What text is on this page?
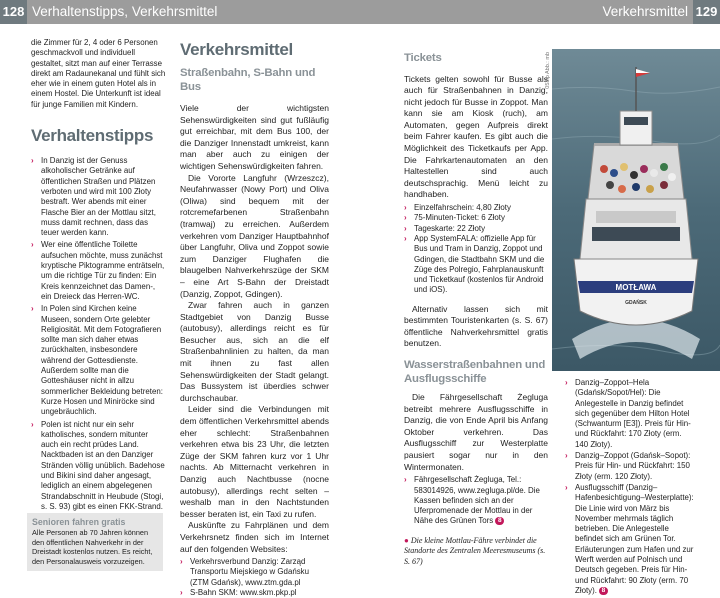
128 Verhaltenstipps, Verkehrsmittel	Verkehrsmittel 129

die Zimmer für 2, 4 oder 6 Personen geschmackvoll und individuell gestaltet, sitzt man auf einer Terrasse direkt am Radaunekanal und fühlt sich eher wie in einem guten Hotel als in einem Hostel. Die Unterkunft ist ideal für junge Familien mit Kindern.

Verhaltenstipps
› In Danzig ist der Genuss alkoholischer Getränke auf öffentlichen Straßen und Plätzen verboten und wird mit 100 Złoty bestraft. Wer abends mit einer Flasche Bier an der Mottlau sitzt, muss damit rechnen, dass das teuer werden kann.
› Wer eine öffentliche Toilette aufsuchen möchte, muss zunächst kryptische Piktogramme enträtseln, um die richtige Tür zu finden: Ein Kreis kennzeichnet das Damen-, ein Dreieck das Herren-WC.
› In Polen sind Kirchen keine Museen, sondern Orte gelebter Religiosität. Mit dem Fotografieren sollte man sich daher etwas zurückhalten, insbesondere während der Gottesdienste. Außerdem sollte man die Gotteshäuser nicht in allzu sommerlicher Bekleidung betreten: Kurze Hosen und Miniröcke sind ungebräuchlich.
› Polen ist nicht nur ein sehr katholisches, sondern mitunter auch ein recht prüdes Land. Nacktbaden ist an den Danziger Stränden völlig unüblich. Badehose und Bikini sind daher angesagt, lediglich an einem abgelegenen Strandabschnitt in Heubude (Stogi, s. S. 93) gibt es einen FKK-Strand.
Senioren fahren gratis
Alle Personen ab 70 Jahren können den öffentlichen Nahverkehr in der Dreistadt kostenlos nutzen. Es reicht, den Personalausweis vorzuzeigen.
Verkehrsmittel
Straßenbahn, S-Bahn und Bus

Viele der wichtigsten Sehenswürdigkeiten sind gut fußläufig gut erreichbar, mit dem Bus 100, der die Danziger Innenstadt umkreist, kann man aber auch zu einigen der wichtigen Sehenswürdigkeiten fahren.

Die Vororte Langfuhr (Wrzeszcz), Neufahrwasser (Nowy Port) und Oliva (Oliwa) sind bequem mit der rotcremefarbenen Straßenbahn (tramwaj) zu erreichen. Außerdem verkehren vom Danziger Hauptbahnhof über Langfuhr, Oliva und Zoppot sowie zum Danziger Flughafen die blaugelben Nahverkehrszüge der SKM – eine Art S-Bahn der Dreistadt (Danzig, Zoppot, Gdingen).

Zwar fahren auch in ganzen Stadtgebiet von Danzig Busse (autobusy), allerdings reicht es für Besucher aus, sich an die elf Straßenbahnlinien zu halten, da man mit ihnen zu fast allen Sehenswürdigkeiten der Stadt gelangt. Das Bussystem ist überdies schwer durchschaubar.

Leider sind die Verbindungen mit dem öffentlichen Verkehrsmittel abends eher schlecht: Straßenbahnen verkehren etwa bis 23 Uhr, die letzten Züge der SKM fahren kurz vor 1 Uhr nachts. Ab Mitternacht verkehren in Danzig auch Nachtbusse (nocne autobusy), allerdings recht selten – weshalb man in den Nachtstunden besser beraten ist, ein Taxi zu rufen.

Auskünfte zu Fahrplänen und dem Verkehrsnetz finden sich im Internet auf den folgenden Websites:

› Verkehrsverbund Danzig: Zarząd Transportu Miejskiego w Gdańsku (ZTM Gdańsk), www.ztm.gda.pl
› S-Bahn SKM: www.skm.pkp.pl
Tickets

Tickets gelten sowohl für Busse als auch für Straßenbahnen in Danzig, nicht jedoch für Busse in Zoppot. Man kann sie am Kiosk (ruch), am Automaten, gegen Aufpreis direkt beim Fahrer kaufen. Es gibt auch die Möglichkeit des Ticketkaufs per App. Die Fahrkartenautomaten an den Haltestellen sind auch deutschsprachig. Menü leicht zu handhaben.

› Einzelfahrschein: 4,80 Złoty
› 75-Minuten-Ticket: 6 Złoty
› Tageskarte: 22 Złoty
› App SystemFALA: offizielle App für Bus und Tram in Danzig, Zoppot und Gdingen, die Stadtbahn SKM und die Züge des Polregio, Fahrplanauskunft und Ticketkauf (kostenlos für Android und iOS).

Alternativ lassen sich mit bestimmten Touristenkarten (s. S. 67) öffentliche Nahverkehrsmittel gratis benutzen.

Wasserstraßenbahnen und Ausflugsschiffe

Die Fährgesellschaft Żegluga betreibt mehrere Ausflugsschiffe in Danzig, die von Ende April bis Anfang Oktober verkehren. Das Ausflugsschiff zur Westerplatte pausiert sogar nur in den Wintermonaten.

› Fährgesellschaft Żegluga, Tel.: 583014926, www.zegluga.pl/de. Die Kassen befinden sich an der Uferpromenade der Mottlau in der Nähe des Grünen Tors 8
● Die kleine Mottlau-Fähre verbindet die Standorte des Zentralen Meeresmuseums (s. S. 67)
053ip Abb.: mb
MOTŁAWA
GDAŃSK
› Danzig–Zoppot–Hela (Gdańsk/Sopot/Hel): Die Anlegestelle in Danzig befindet sich gegenüber dem Hilton Hotel (Schwanturm [E3]). Preis für Hin- und Rückfahrt: 170 Złoty (erm. 140 Złoty).
› Danzig–Zoppot (Gdańsk–Sopot): Preis für Hin- und Rückfahrt: 150 Złoty (erm. 120 Złoty).
› Ausflugsschiff (Danzig–Hafenbesichtigung–Westerplatte): Die Linie wird von März bis November mehrmals täglich betrieben. Die Anlegestelle befindet sich am Grünen Tor. Erläuterungen zum Hafen und zur Werft werden auf Polnisch und Deutsch gegeben. Preis für Hin- und Rückfahrt: 90 Złoty (erm. 70 Złoty). 8
